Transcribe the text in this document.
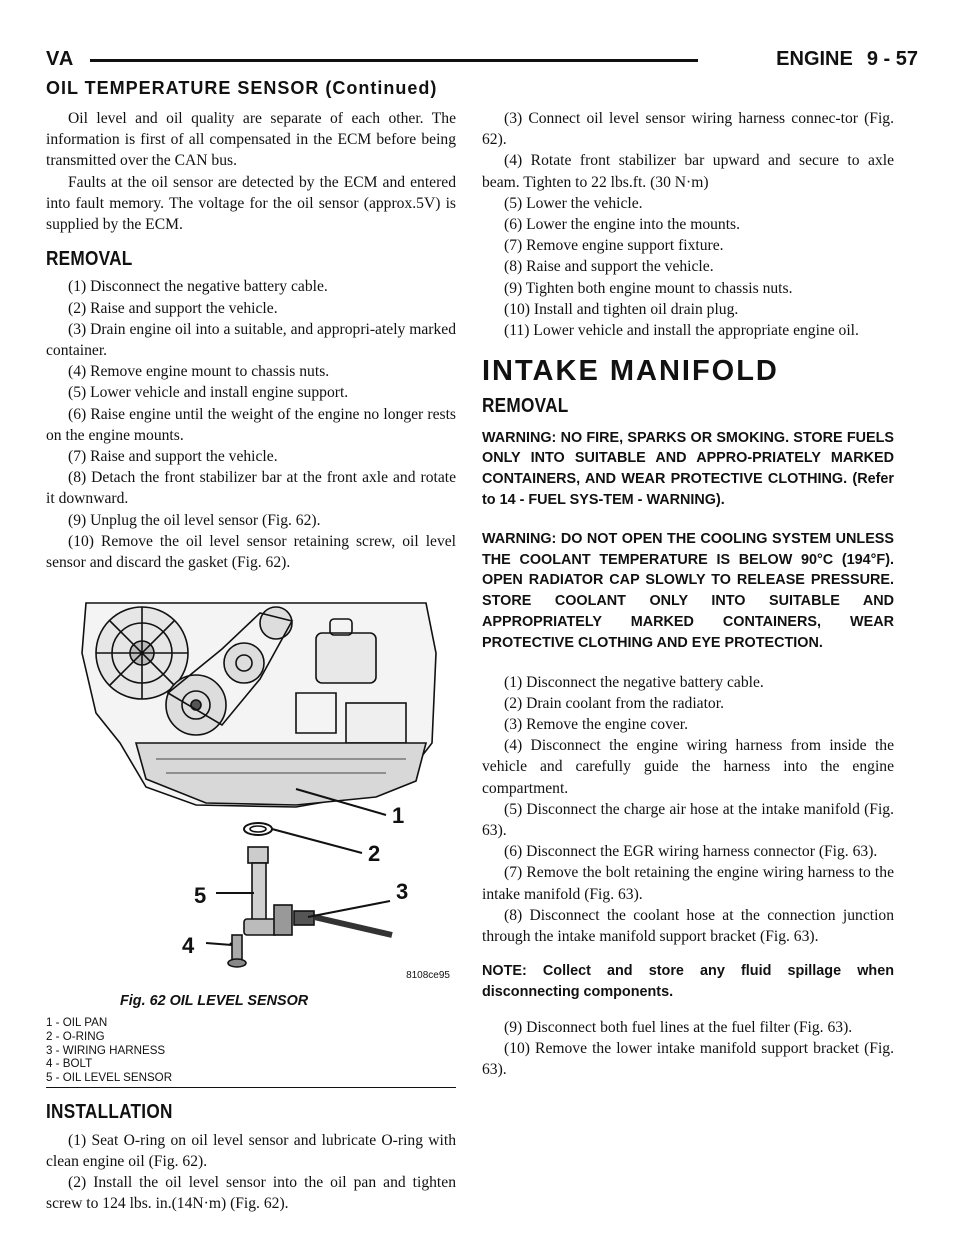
VA	ENGINE 9 - 57
OIL TEMPERATURE SENSOR (Continued)

Oil level and oil quality are separate of each other. The information is first of all compensated in the ECM before being transmitted over the CAN bus.

Faults at the oil sensor are detected by the ECM and entered into fault memory. The voltage for the oil sensor (approx.5V) is supplied by the ECM.

REMOVAL

(1) Disconnect the negative battery cable.

(2) Raise and support the vehicle.

(3) Drain engine oil into a suitable, and appropri-ately marked container.

(4) Remove engine mount to chassis nuts.

(5) Lower vehicle and install engine support.

(6) Raise engine until the weight of the engine no longer rests on the engine mounts.

(7) Raise and support the vehicle.

(8) Detach the front stabilizer bar at the front axle and rotate it downward.

(9) Unplug the oil level sensor (Fig. 62).

(10) Remove the oil level sensor retaining screw, oil level sensor and discard the gasket (Fig. 62).

1
2
3
4
5
8108ce95
Fig. 62 OIL LEVEL SENSOR
1 - OIL PAN
2 - O-RING
3 - WIRING HARNESS
4 - BOLT
5 - OIL LEVEL SENSOR
INSTALLATION

(1) Seat O-ring on oil level sensor and lubricate O-ring with clean engine oil (Fig. 62).

(2) Install the oil level sensor into the oil pan and tighten screw to 124 lbs. in.(14N·m) (Fig. 62).

(3) Connect oil level sensor wiring harness connec-tor (Fig. 62).

(4) Rotate front stabilizer bar upward and secure to axle beam. Tighten to 22 lbs.ft. (30 N·m)

(5) Lower the vehicle.

(6) Lower the engine into the mounts.

(7) Remove engine support fixture.

(8) Raise and support the vehicle.

(9) Tighten both engine mount to chassis nuts.

(10) Install and tighten oil drain plug.

(11) Lower vehicle and install the appropriate engine oil.

INTAKE MANIFOLD
REMOVAL
WARNING: NO FIRE, SPARKS OR SMOKING. STORE FUELS ONLY INTO SUITABLE AND APPRO-PRIATELY MARKED CONTAINERS, AND WEAR PROTECTIVE CLOTHING. (Refer to 14 - FUEL SYS-TEM - WARNING).
WARNING: DO NOT OPEN THE COOLING SYSTEM UNLESS THE COOLANT TEMPERATURE IS BELOW 90°C (194°F). OPEN RADIATOR CAP SLOWLY TO RELEASE PRESSURE. STORE COOLANT ONLY INTO SUITABLE AND APPROPRIATELY MARKED CONTAINERS, WEAR PROTECTIVE CLOTHING AND EYE PROTECTION.

(1) Disconnect the negative battery cable.

(2) Drain coolant from the radiator.

(3) Remove the engine cover.

(4) Disconnect the engine wiring harness from inside the vehicle and carefully guide the harness into the engine compartment.

(5) Disconnect the charge air hose at the intake manifold (Fig. 63).

(6) Disconnect the EGR wiring harness connector (Fig. 63).

(7) Remove the bolt retaining the engine wiring harness to the intake manifold (Fig. 63).

(8) Disconnect the coolant hose at the connection junction through the intake manifold support bracket (Fig. 63).

NOTE: Collect and store any fluid spillage when disconnecting components.

(9) Disconnect both fuel lines at the fuel filter (Fig. 63).

(10) Remove the lower intake manifold support bracket (Fig. 63).
